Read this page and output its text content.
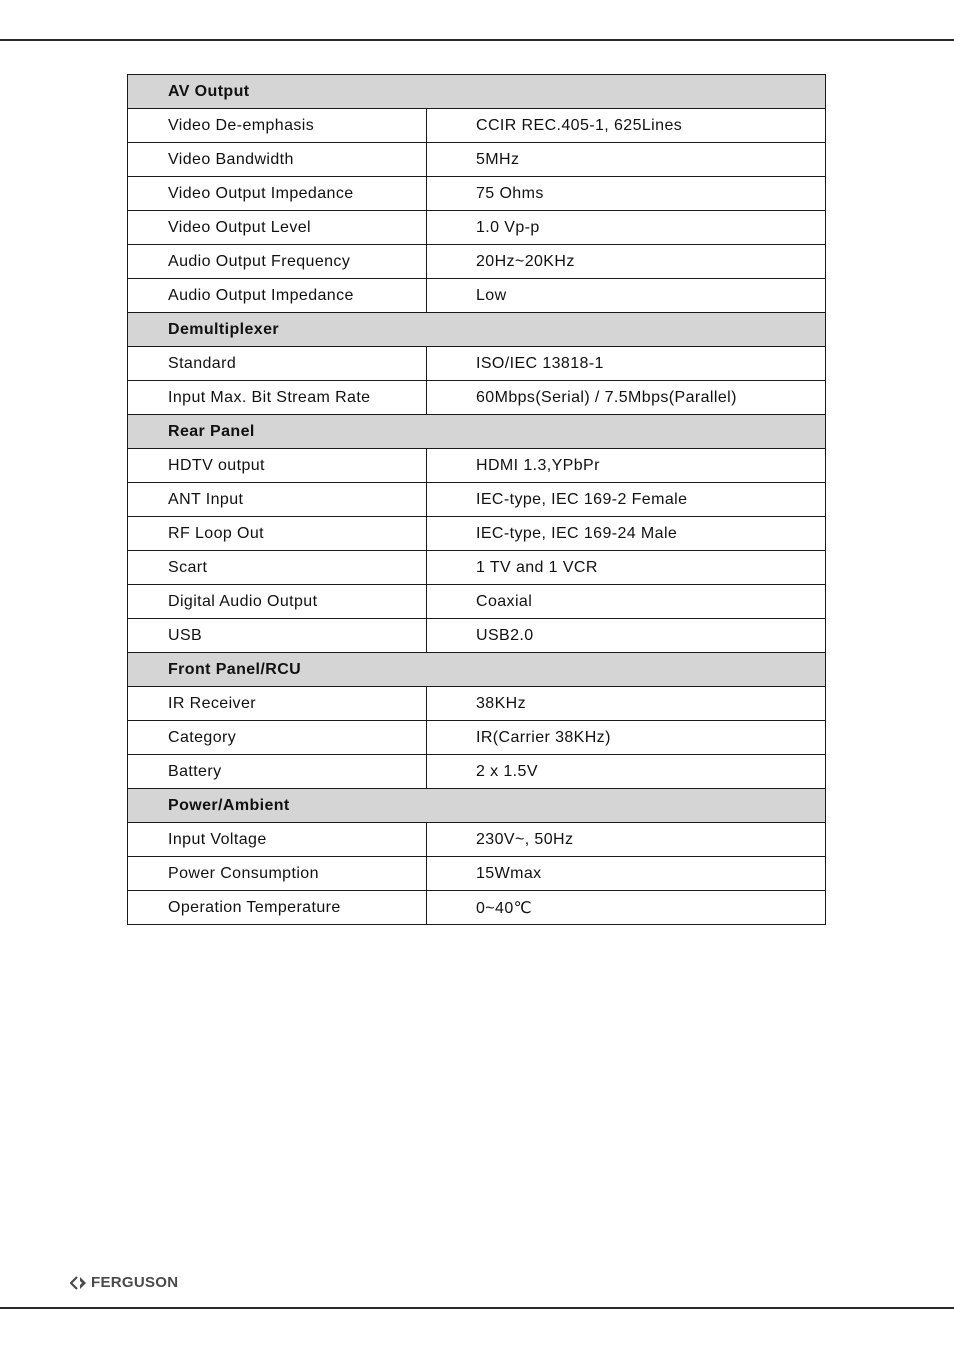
AV Output	
Video De-emphasis	CCIR REC.405-1, 625Lines
Video Bandwidth	5MHz
Video Output Impedance	75 Ohms
Video Output Level	1.0 Vp-p
Audio Output Frequency	20Hz~20KHz
Audio Output Impedance	Low
Demultiplexer	
Standard	ISO/IEC 13818-1
Input Max. Bit Stream Rate	60Mbps(Serial) / 7.5Mbps(Parallel)
Rear Panel	
HDTV output	HDMI 1.3,YPbPr
ANT Input	IEC-type, IEC 169-2 Female
RF Loop Out	IEC-type, IEC 169-24 Male
Scart	1 TV and 1 VCR
Digital Audio Output	Coaxial
USB	USB2.0
Front Panel/RCU	
IR Receiver	38KHz
Category	IR(Carrier 38KHz)
Battery	2 x 1.5V
Power/Ambient	
Input Voltage	230V~, 50Hz
Power Consumption	15Wmax
Operation Temperature	0~40℃
FERGUSON
